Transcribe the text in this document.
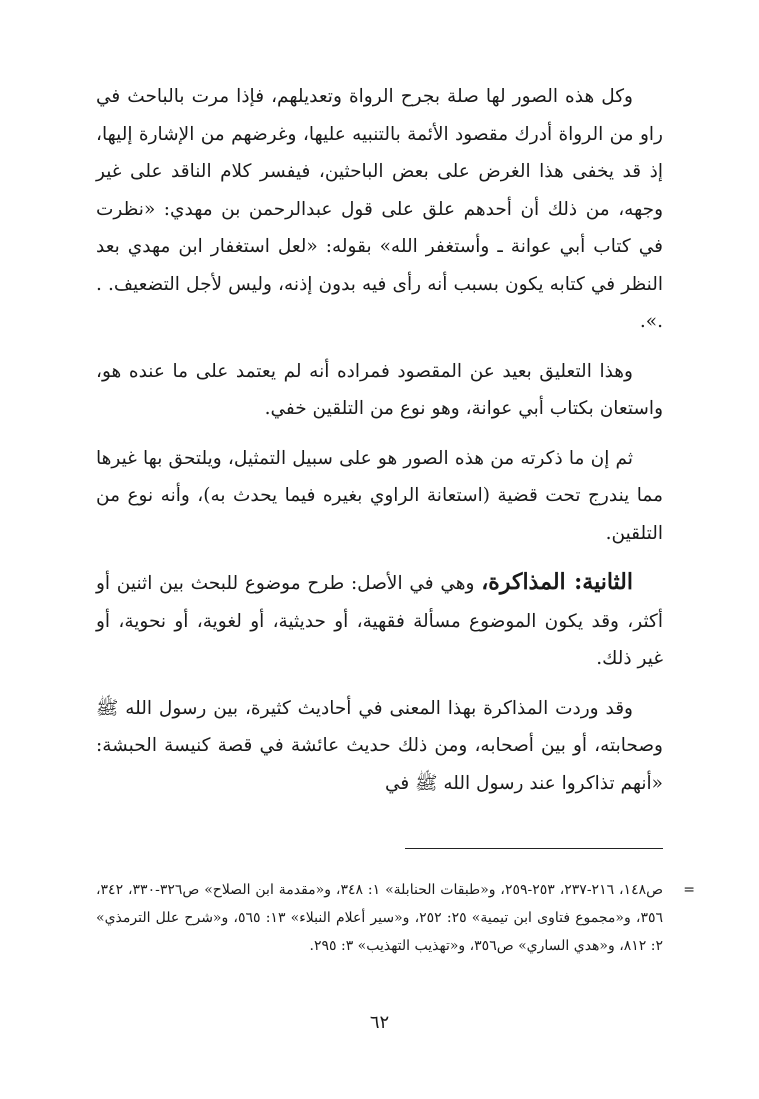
وكل هذه الصور لها صلة بجرح الرواة وتعديلهم، فإذا مرت بالباحث في راو من الرواة أدرك مقصود الأئمة بالتنبيه عليها، وغرضهم من الإشارة إليها، إذ قد يخفى هذا الغرض على بعض الباحثين، فيفسر كلام الناقد على غير وجهه، من ذلك أن أحدهم علق على قول عبدالرحمن بن مهدي: «نظرت في كتاب أبي عوانة ـ وأستغفر الله» بقوله: «لعل استغفار ابن مهدي بعد النظر في كتابه يكون بسبب أنه رأى فيه بدون إذنه، وليس لأجل التضعيف. . .».

وهذا التعليق بعيد عن المقصود فمراده أنه لم يعتمد على ما عنده هو، واستعان بكتاب أبي عوانة، وهو نوع من التلقين خفي.

ثم إن ما ذكرته من هذه الصور هو على سبيل التمثيل، ويلتحق بها غيرها مما يندرج تحت قضية (استعانة الراوي بغيره فيما يحدث به)، وأنه نوع من التلقين.

الثانية: المذاكرة، وهي في الأصل: طرح موضوع للبحث بين اثنين أو أكثر، وقد يكون الموضوع مسألة فقهية، أو حديثية، أو لغوية، أو نحوية، أو غير ذلك.

وقد وردت المذاكرة بهذا المعنى في أحاديث كثيرة، بين رسول الله ﷺ وصحابته، أو بين أصحابه، ومن ذلك حديث عائشة في قصة كنيسة الحبشة: «أنهم تذاكروا عند رسول الله ﷺ في

=
ص١٤٨، ٢١٦-٢٣٧، ٢٥٣-٢٥٩، و«طبقات الحنابلة» ١: ٣٤٨، و«مقدمة ابن الصلاح» ص٣٢٦-٣٣٠، ٣٤٢، ٣٥٦، و«مجموع فتاوى ابن تيمية» ٢٥: ٢٥٢، و«سير أعلام النبلاء» ١٣: ٥٦٥، و«شرح علل الترمذي» ٢: ٨١٢، و«هدي الساري» ص٣٥٦، و«تهذيب التهذيب» ٣: ٢٩٥.
٦٢
